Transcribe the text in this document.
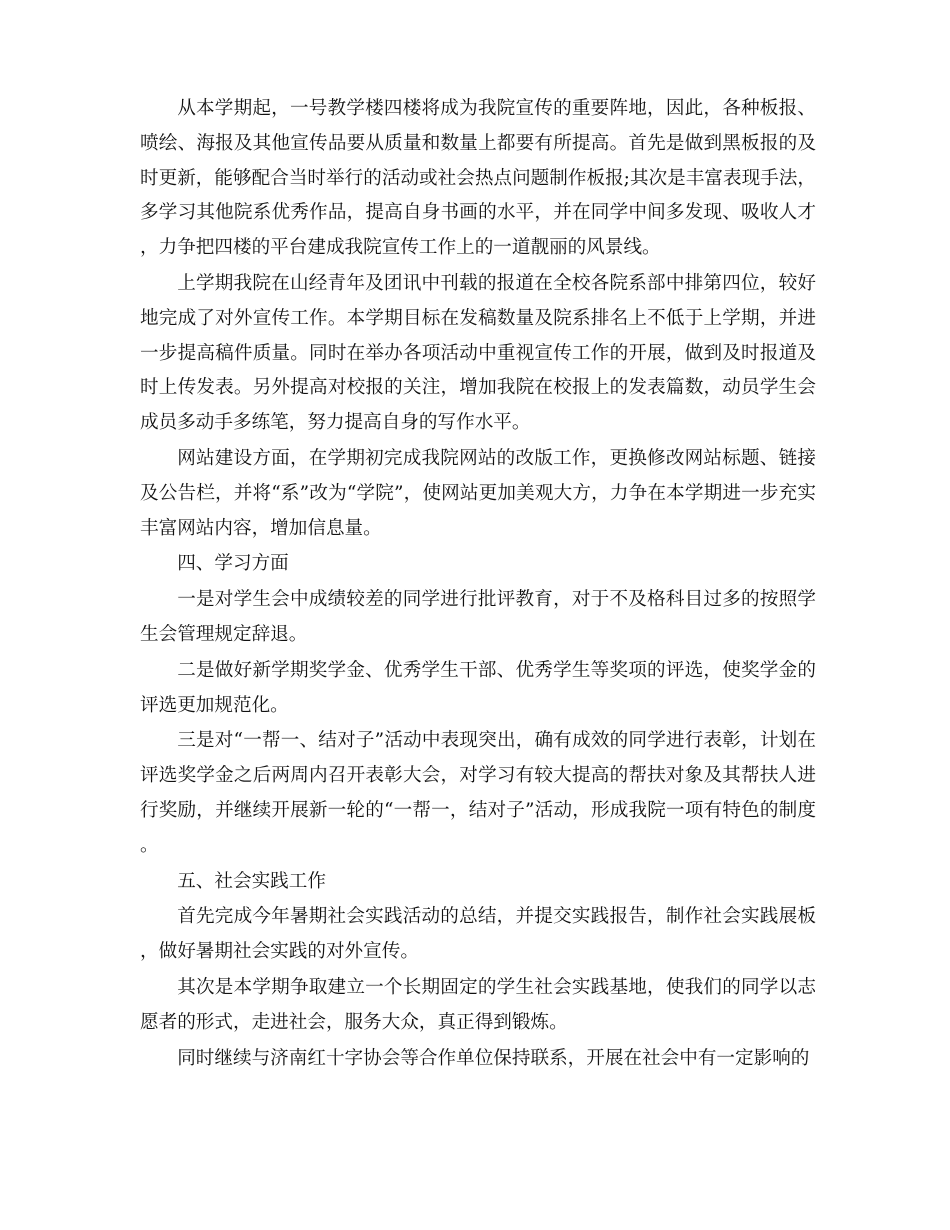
从本学期起，一号教学楼四楼将成为我院宣传的重要阵地，因此，各种板报、喷绘、海报及其他宣传品要从质量和数量上都要有所提高。首先是做到黑板报的及时更新，能够配合当时举行的活动或社会热点问题制作板报;其次是丰富表现手法，多学习其他院系优秀作品，提高自身书画的水平，并在同学中间多发现、吸收人才，力争把四楼的平台建成我院宣传工作上的一道靓丽的风景线。

上学期我院在山经青年及团讯中刊载的报道在全校各院系部中排第四位，较好地完成了对外宣传工作。本学期目标在发稿数量及院系排名上不低于上学期，并进一步提高稿件质量。同时在举办各项活动中重视宣传工作的开展，做到及时报道及时上传发表。另外提高对校报的关注，增加我院在校报上的发表篇数，动员学生会成员多动手多练笔，努力提高自身的写作水平。

网站建设方面，在学期初完成我院网站的改版工作，更换修改网站标题、链接及公告栏，并将“系”改为“学院”，使网站更加美观大方，力争在本学期进一步充实丰富网站内容，增加信息量。

四、学习方面

一是对学生会中成绩较差的同学进行批评教育，对于不及格科目过多的按照学生会管理规定辞退。

二是做好新学期奖学金、优秀学生干部、优秀学生等奖项的评选，使奖学金的评选更加规范化。

三是对“一帮一、结对子”活动中表现突出，确有成效的同学进行表彰，计划在评选奖学金之后两周内召开表彰大会，对学习有较大提高的帮扶对象及其帮扶人进行奖励，并继续开展新一轮的“一帮一，结对子”活动，形成我院一项有特色的制度。

五、社会实践工作

首先完成今年暑期社会实践活动的总结，并提交实践报告，制作社会实践展板，做好暑期社会实践的对外宣传。

其次是本学期争取建立一个长期固定的学生社会实践基地，使我们的同学以志愿者的形式，走进社会，服务大众，真正得到锻炼。

同时继续与济南红十字协会等合作单位保持联系，开展在社会中有一定影响的
